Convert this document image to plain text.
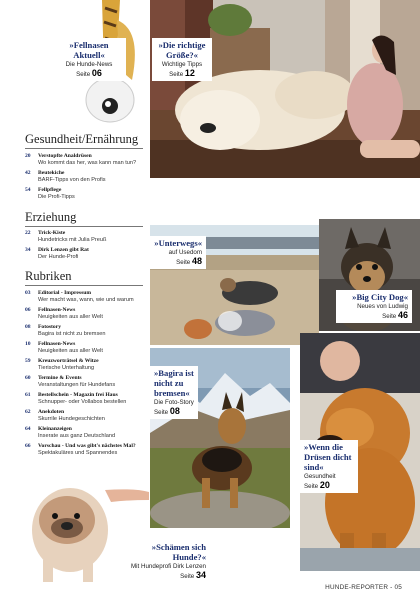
»Fellnasen Aktuell«
Die Hunde-News
Seite 06
»Die richtige Größe?«
Wichtige Tipps
Seite 12
»Unterwegs«
auf Usedom
Seite 48
»Big City Dog«
Neues von Ludwig
Seite 46
»Bagira ist nicht zu bremsen«
Die Foto-Story
Seite 08
»Wenn die Drüsen dicht sind«
Gesundheit
Seite 20
»Schämen sich Hunde?«
Mit Hundeprofi Dirk Lenzen
Seite 34
Gesundheit/Ernährung
20 Verstopfte Analdrüsen
Wo kommt das her, was kann man tun?
42 Beutekiche
BARF-Tipps von den Profis
54 Fellpflege
Die Profi-Tipps
Erziehung
22 Trick-Kiste
Hundetricks mit Julia Preuß
34 Dirk Lenzen gibt Rat
Der Hunde-Profi
Rubriken
03 Editorial - Impressum
Wer macht was, wann, wie und warum
06 Fellnasen-News
Neuigkeiten aus aller Welt
08 Fotostory
Bagira ist nicht zu bremsen
10 Fellnasen-News
Neuigkeiten aus aller Welt
59 Kreuzworträtsel & Witze
Tierische Unterhaltung
60 Termine & Events
Veranstaltungen für Hundefans
61 Bestellschein - Magazin frei Haus
Schnupper- oder Vollabos bestellen
62 Anekdoten
Skurrile Hundegeschichten
64 Kleinanzeigen
Inserate aus ganz Deutschland
66 Vorschau - Und was gibt's nächstes Mal?
Spektakuläres und Spannendes
HUNDE-REPORTER - 05
